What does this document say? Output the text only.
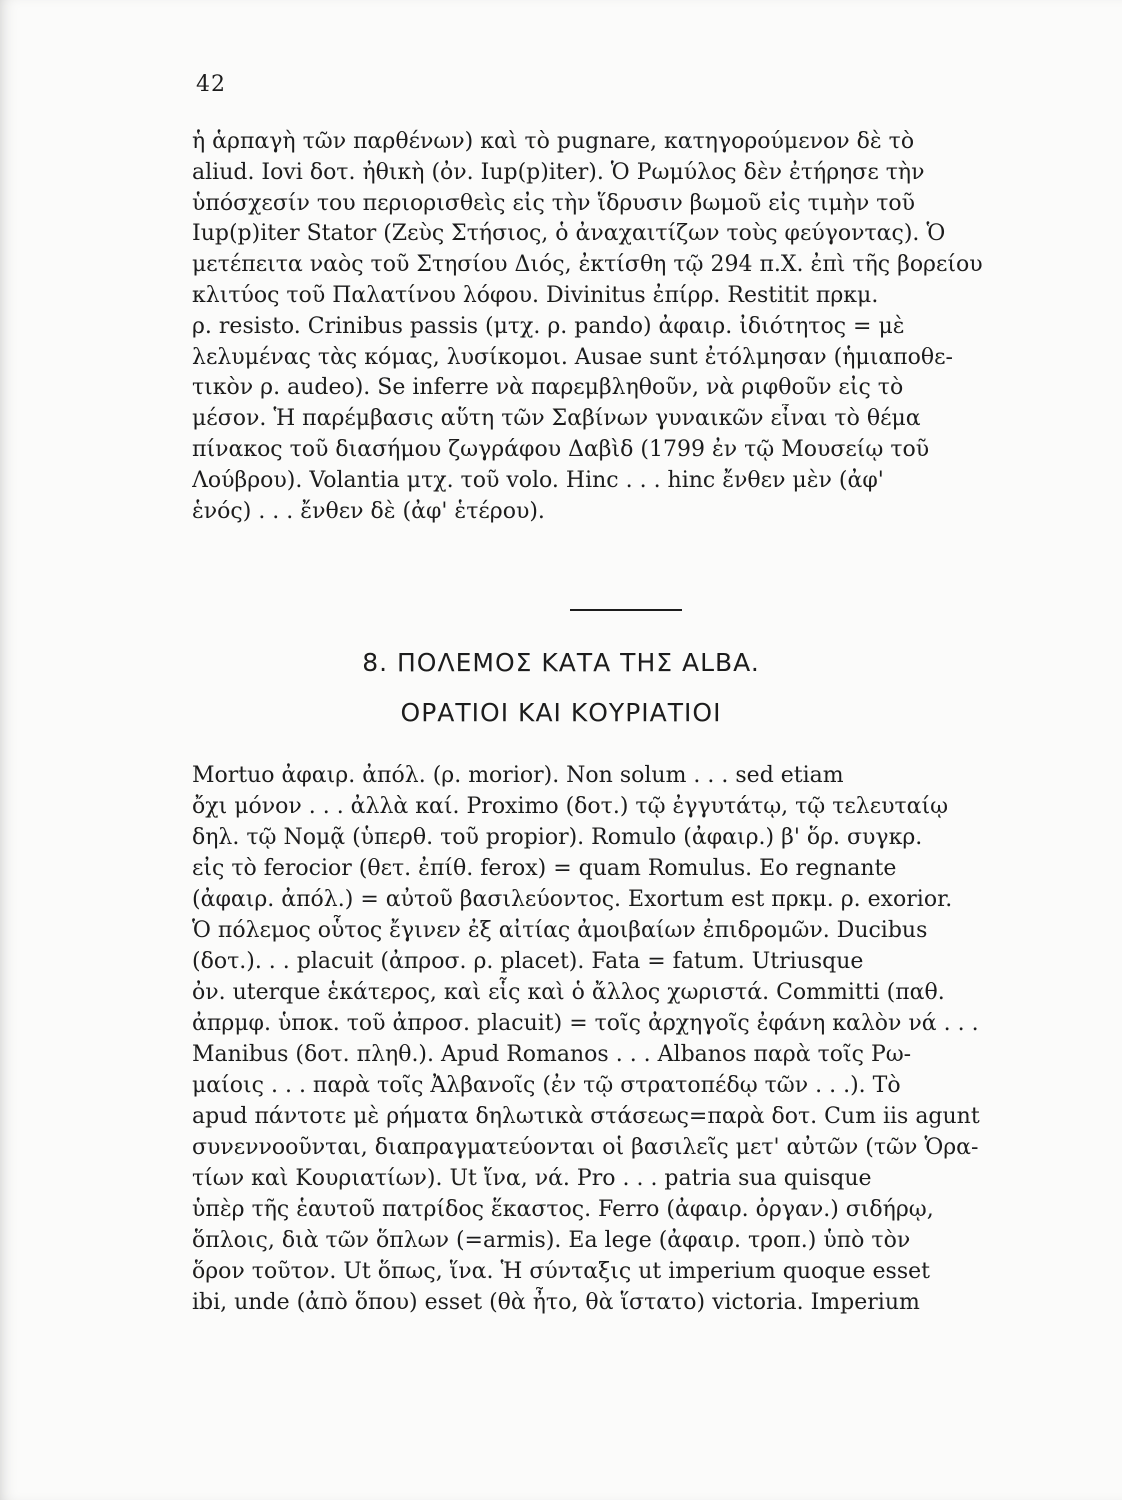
42
ἡ ἁρπαγὴ τῶν παρθένων) καὶ τὸ pugnare, κατηγορούμενον δὲ τὸ
aliud. Iovi δοτ. ἠθικὴ (ὀν. Iup(p)iter). Ὁ Ρωμύλος δὲν ἐτήρησε τὴν
ὑπόσχεσίν του περιορισθεὶς εἰς τὴν ἵδρυσιν βωμοῦ εἰς τιμὴν τοῦ
Iup(p)iter Stator (Ζεὺς Στήσιος, ὁ ἀναχαιτίζων τοὺς φεύγοντας). Ὁ
μετέπειτα ναὸς τοῦ Στησίου Διός, ἐκτίσθη τῷ 294 π.Χ. ἐπὶ τῆς βορείου
κλιτύος τοῦ Παλατίνου λόφου. Divinitus ἐπίρρ. Restitit πρκμ.
ρ. resisto. Crinibus passis (μτχ. ρ. pando) ἀφαιρ. ἰδιότητος = μὲ
λελυμένας τὰς κόμας, λυσίκομοι. Ausae sunt ἐτόλμησαν (ἡμιαποθε-
τικὸν ρ. audeo). Se inferre νὰ παρεμβληθοῦν, νὰ ριφθοῦν εἰς τὸ
μέσον. Ἡ παρέμβασις αὕτη τῶν Σαβίνων γυναικῶν εἶναι τὸ θέμα
πίνακος τοῦ διασήμου ζωγράφου Δαβὶδ (1799 ἐν τῷ Μουσείῳ τοῦ
Λούβρου). Volantia μτχ. τοῦ volo. Hinc . . . hinc ἔνθεν μὲν (ἀφ'
ἑνός) . . . ἔνθεν δὲ (ἀφ' ἑτέρου).
8. ΠΟΛΕΜΟΣ ΚΑΤΑ ΤΗΣ ALBA.
ΟΡΑΤΙΟΙ ΚΑΙ ΚΟΥΡΙΑΤΙΟΙ
Mortuo ἀφαιρ. ἀπόλ. (ρ. morior). Non solum . . . sed etiam
ὄχι μόνον . . . ἀλλὰ καί. Proximo (δοτ.) τῷ ἐγγυτάτῳ, τῷ τελευταίῳ
δηλ. τῷ Νομᾷ (ὑπερθ. τοῦ propior). Romulo (ἀφαιρ.) β' ὅρ. συγκρ.
εἰς τὸ ferocior (θετ. ἐπίθ. ferox) = quam Romulus. Eo regnante
(ἀφαιρ. ἀπόλ.) = αὐτοῦ βασιλεύοντος. Exortum est πρκμ. ρ. exorior.
Ὁ πόλεμος οὗτος ἔγινεν ἐξ αἰτίας ἀμοιβαίων ἐπιδρομῶν. Ducibus
(δοτ.). . . placuit (ἀπροσ. ρ. placet). Fata = fatum. Utriusque
ὀν. uterque ἑκάτερος, καὶ εἷς καὶ ὁ ἄλλος χωριστά. Committi (παθ.
ἀπρμφ. ὑποκ. τοῦ ἀπροσ. placuit) = τοῖς ἀρχηγοῖς ἐφάνη καλὸν νά . . .
Manibus (δοτ. πληθ.). Apud Romanos . . . Albanos παρὰ τοῖς Ρω-
μαίοις . . . παρὰ τοῖς Ἀλβανοῖς (ἐν τῷ στρατοπέδῳ τῶν . . .). Τὸ
apud πάντοτε μὲ ρήματα δηλωτικὰ στάσεως=παρὰ δοτ. Cum iis agunt
συνεννοοῦνται, διαπραγματεύονται οἱ βασιλεῖς μετ' αὐτῶν (τῶν Ὁρα-
τίων καὶ Κουριατίων). Ut ἵνα, νά. Pro . . . patria sua quisque
ὑπὲρ τῆς ἑαυτοῦ πατρίδος ἕκαστος. Ferro (ἀφαιρ. ὀργαν.) σιδήρῳ,
ὅπλοις, διὰ τῶν ὅπλων (=armis). Ea lege (ἀφαιρ. τροπ.) ὑπὸ τὸν
ὅρον τοῦτον. Ut ὅπως, ἵνα. Ἡ σύνταξις ut imperium quoque esset
ibi, unde (ἀπὸ ὅπου) esset (θὰ ἦτο, θὰ ἵστατο) victoria. Imperium
